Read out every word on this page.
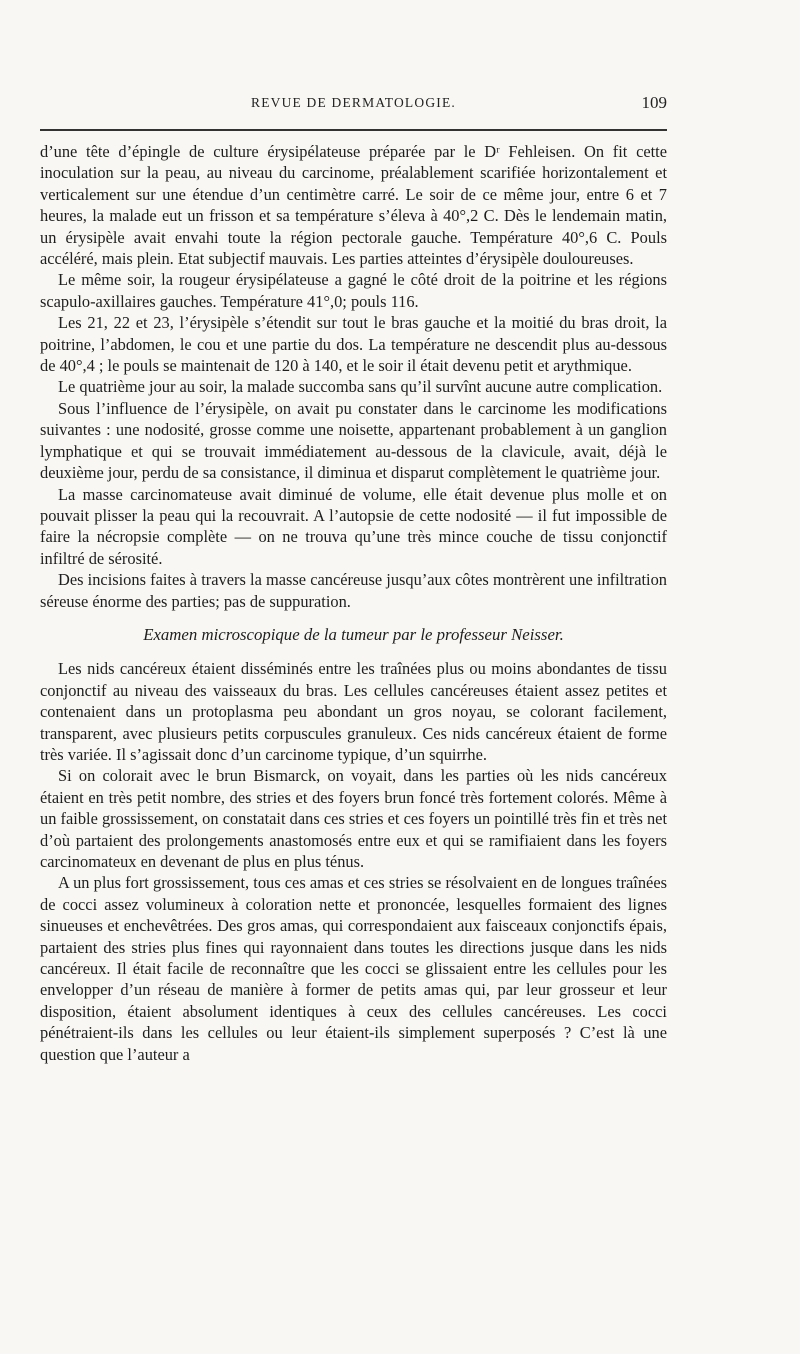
REVUE DE DERMATOLOGIE.	109

d’une tête d’épingle de culture érysipélateuse préparée par le Dʳ Fehleisen. On fit cette inoculation sur la peau, au niveau du carcinome, préalablement scarifiée horizontalement et verticalement sur une étendue d’un centimètre carré. Le soir de ce même jour, entre 6 et 7 heures, la malade eut un frisson et sa température s’éleva à 40°,2 C. Dès le lendemain matin, un érysipèle avait envahi toute la région pectorale gauche. Température 40°,6 C. Pouls accéléré, mais plein. Etat subjectif mauvais. Les parties atteintes d’érysipèle douloureuses.

Le même soir, la rougeur érysipélateuse a gagné le côté droit de la poitrine et les régions scapulo-axillaires gauches. Température 41°,0; pouls 116.

Les 21, 22 et 23, l’érysipèle s’étendit sur tout le bras gauche et la moitié du bras droit, la poitrine, l’abdomen, le cou et une partie du dos. La température ne descendit plus au-dessous de 40°,4 ; le pouls se maintenait de 120 à 140, et le soir il était devenu petit et arythmique.

Le quatrième jour au soir, la malade succomba sans qu’il survînt aucune autre complication.

Sous l’influence de l’érysipèle, on avait pu constater dans le carcinome les modifications suivantes : une nodosité, grosse comme une noisette, appartenant probablement à un ganglion lymphatique et qui se trouvait immédiatement au-dessous de la clavicule, avait, déjà le deuxième jour, perdu de sa consistance, il diminua et disparut complètement le quatrième jour.

La masse carcinomateuse avait diminué de volume, elle était devenue plus molle et on pouvait plisser la peau qui la recouvrait. A l’autopsie de cette nodosité — il fut impossible de faire la nécropsie complète — on ne trouva qu’une très mince couche de tissu conjonctif infiltré de sérosité.

Des incisions faites à travers la masse cancéreuse jusqu’aux côtes montrèrent une infiltration séreuse énorme des parties; pas de suppuration.

Examen microscopique de la tumeur par le professeur Neisser.

Les nids cancéreux étaient disséminés entre les traînées plus ou moins abondantes de tissu conjonctif au niveau des vaisseaux du bras. Les cellules cancéreuses étaient assez petites et contenaient dans un protoplasma peu abondant un gros noyau, se colorant facilement, transparent, avec plusieurs petits corpuscules granuleux. Ces nids cancéreux étaient de forme très variée. Il s’agissait donc d’un carcinome typique, d’un squirrhe.

Si on colorait avec le brun Bismarck, on voyait, dans les parties où les nids cancéreux étaient en très petit nombre, des stries et des foyers brun foncé très fortement colorés. Même à un faible grossissement, on constatait dans ces stries et ces foyers un pointillé très fin et très net d’où partaient des prolongements anastomosés entre eux et qui se ramifiaient dans les foyers carcinomateux en devenant de plus en plus ténus.

A un plus fort grossissement, tous ces amas et ces stries se résolvaient en de longues traînées de cocci assez volumineux à coloration nette et prononcée, lesquelles formaient des lignes sinueuses et enchevêtrées. Des gros amas, qui correspondaient aux faisceaux conjonctifs épais, partaient des stries plus fines qui rayonnaient dans toutes les directions jusque dans les nids cancéreux. Il était facile de reconnaître que les cocci se glissaient entre les cellules pour les envelopper d’un réseau de manière à former de petits amas qui, par leur grosseur et leur disposition, étaient absolument identiques à ceux des cellules cancéreuses. Les cocci pénétraient-ils dans les cellules ou leur étaient-ils simplement superposés ? C’est là une question que l’auteur a
